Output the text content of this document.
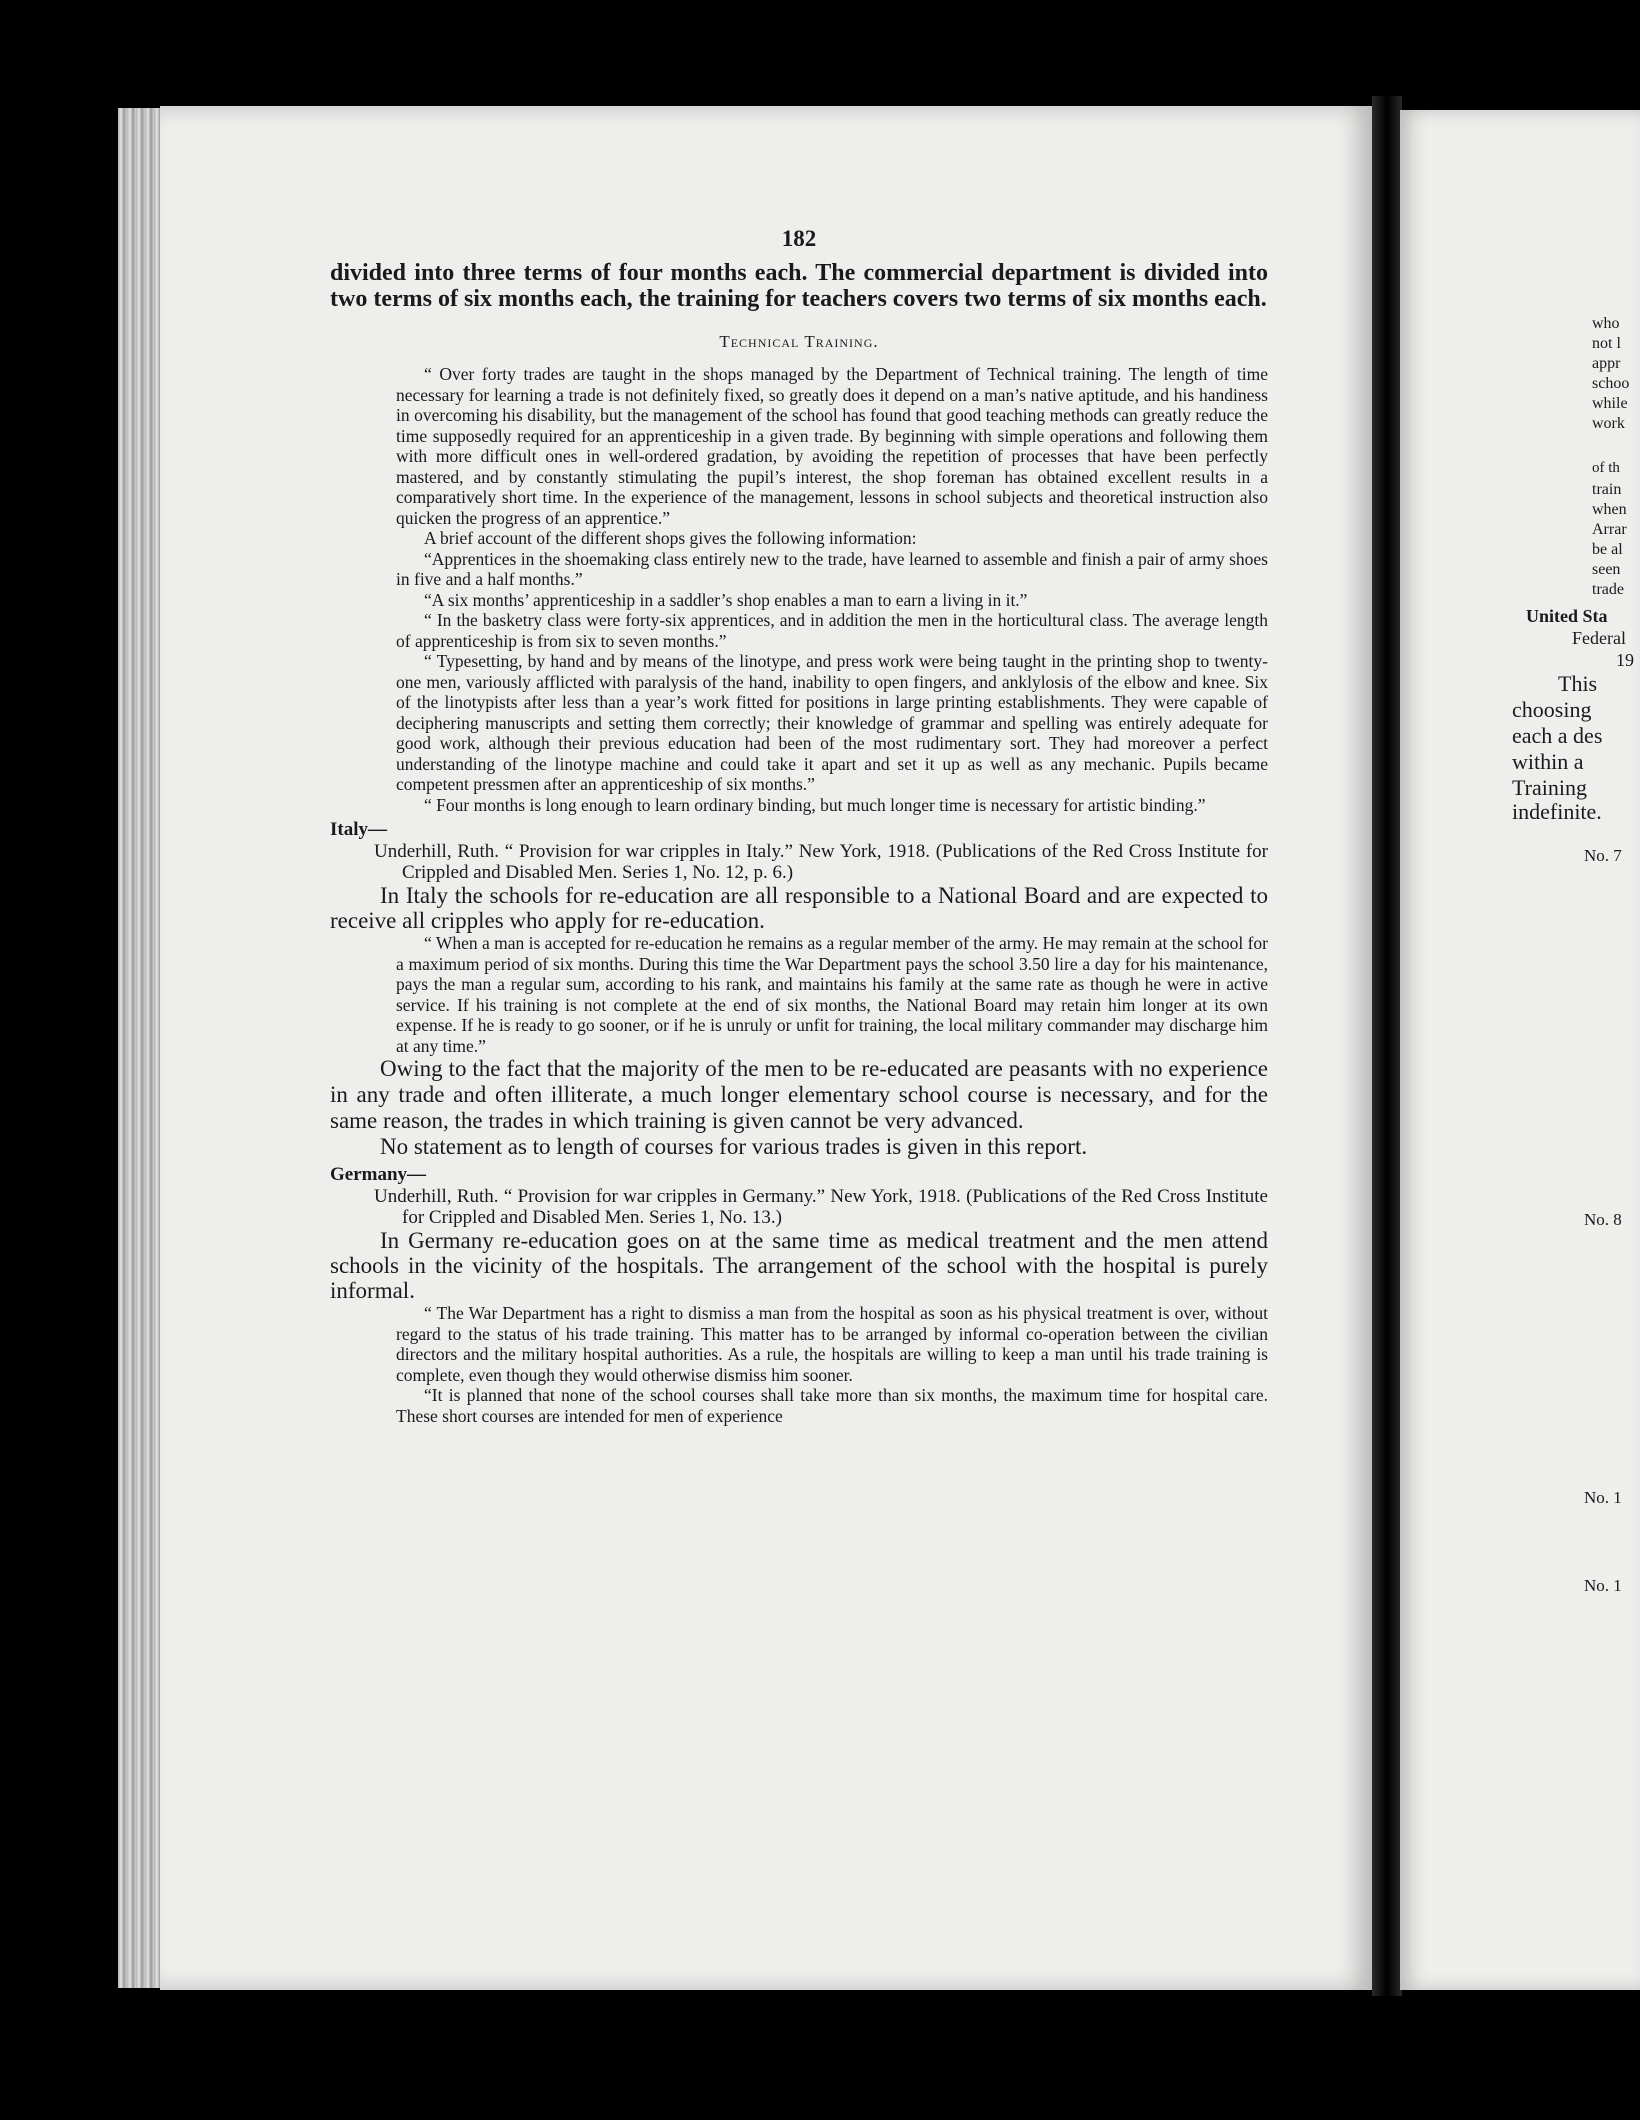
182

divided into three terms of four months each. The commercial department is divided into two terms of six months each, the training for teachers covers two terms of six months each.

Technical Training.

“ Over forty trades are taught in the shops managed by the Department of Technical training. The length of time necessary for learning a trade is not definitely fixed, so greatly does it depend on a man’s native aptitude, and his handiness in overcoming his disability, but the management of the school has found that good teaching methods can greatly reduce the time supposedly required for an apprenticeship in a given trade. By beginning with simple operations and following them with more difficult ones in well-ordered gradation, by avoiding the repetition of processes that have been perfectly mastered, and by constantly stimulating the pupil’s interest, the shop foreman has obtained excellent results in a comparatively short time. In the experience of the management, lessons in school subjects and theoretical instruction also quicken the progress of an apprentice.”

A brief account of the different shops gives the following information:

“Apprentices in the shoemaking class entirely new to the trade, have learned to assemble and finish a pair of army shoes in five and a half months.”

“A six months’ apprenticeship in a saddler’s shop enables a man to earn a living in it.”

“ In the basketry class were forty-six apprentices, and in addition the men in the horticultural class. The average length of apprenticeship is from six to seven months.”

“ Typesetting, by hand and by means of the linotype, and press work were being taught in the printing shop to twenty-one men, variously afflicted with paralysis of the hand, inability to open fingers, and anklylosis of the elbow and knee. Six of the linotypists after less than a year’s work fitted for positions in large printing establishments. They were capable of deciphering manuscripts and setting them correctly; their knowledge of grammar and spelling was entirely adequate for good work, although their previous education had been of the most rudimentary sort. They had moreover a perfect understanding of the linotype machine and could take it apart and set it up as well as any mechanic. Pupils became competent pressmen after an apprenticeship of six months.”

“ Four months is long enough to learn ordinary binding, but much longer time is necessary for artistic binding.”

Italy—
Underhill, Ruth. “ Provision for war cripples in Italy.” New York, 1918. (Publications of the Red Cross Institute for Crippled and Disabled Men. Series 1, No. 12, p. 6.)

In Italy the schools for re-education are all responsible to a National Board and are expected to receive all cripples who apply for re-education.

“ When a man is accepted for re-education he remains as a regular member of the army. He may remain at the school for a maximum period of six months. During this time the War Department pays the school 3.50 lire a day for his maintenance, pays the man a regular sum, according to his rank, and maintains his family at the same rate as though he were in active service. If his training is not complete at the end of six months, the National Board may retain him longer at its own expense. If he is ready to go sooner, or if he is unruly or unfit for training, the local military commander may discharge him at any time.”

Owing to the fact that the majority of the men to be re-educated are peasants with no experience in any trade and often illiterate, a much longer elementary school course is necessary, and for the same reason, the trades in which training is given cannot be very advanced.

No statement as to length of courses for various trades is given in this report.

Germany—
Underhill, Ruth. “ Provision for war cripples in Germany.” New York, 1918. (Publications of the Red Cross Institute for Crippled and Disabled Men. Series 1, No. 13.)

In Germany re-education goes on at the same time as medical treatment and the men attend schools in the vicinity of the hospitals. The arrangement of the school with the hospital is purely informal.

“ The War Department has a right to dismiss a man from the hospital as soon as his physical treatment is over, without regard to the status of his trade training. This matter has to be arranged by informal co-operation between the civilian directors and the military hospital authorities. As a rule, the hospitals are willing to keep a man until his trade training is complete, even though they would otherwise dismiss him sooner.

“It is planned that none of the school courses shall take more than six months, the maximum time for hospital care. These short courses are intended for men of experience

who
not l
appr
schoo
while
work
of th
train
when
Arrar
be al
seen
trade
United Sta
Federal
19
This
choosing
each a des
within a
Training
indefinite.
No. 7
No. 8
No. 1
No. 1
